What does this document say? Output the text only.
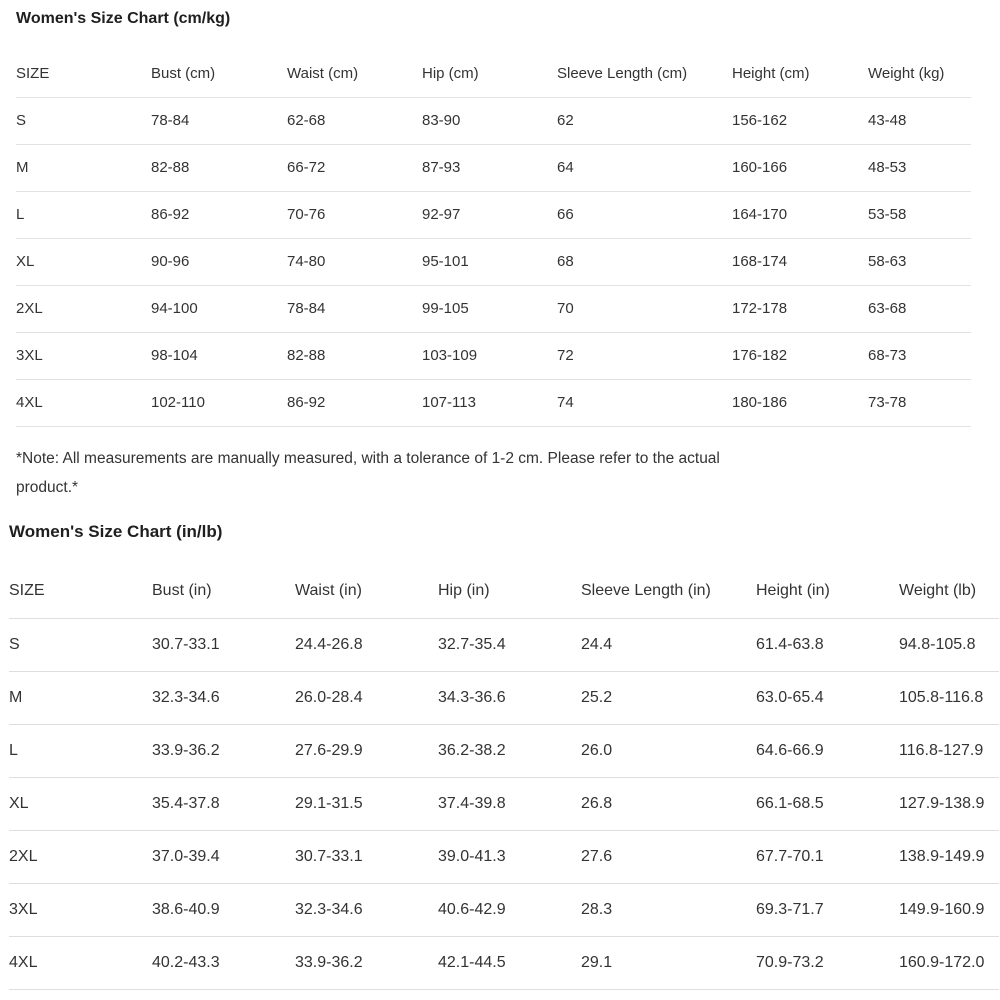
Women's Size Chart (cm/kg)
SIZE	Bust (cm)	Waist (cm)	Hip (cm)	Sleeve Length (cm)	Height (cm)	Weight (kg)
S	78-84	62-68	83-90	62	156-162	43-48
M	82-88	66-72	87-93	64	160-166	48-53
L	86-92	70-76	92-97	66	164-170	53-58
XL	90-96	74-80	95-101	68	168-174	58-63
2XL	94-100	78-84	99-105	70	172-178	63-68
3XL	98-104	82-88	103-109	72	176-182	68-73
4XL	102-110	86-92	107-113	74	180-186	73-78

*Note: All measurements are manually measured, with a tolerance of 1-2 cm. Please refer to the actual product.*

Women's Size Chart (in/lb)
SIZE	Bust (in)	Waist (in)	Hip (in)	Sleeve Length (in)	Height (in)	Weight (lb)
S	30.7-33.1	24.4-26.8	32.7-35.4	24.4	61.4-63.8	94.8-105.8
M	32.3-34.6	26.0-28.4	34.3-36.6	25.2	63.0-65.4	105.8-116.8
L	33.9-36.2	27.6-29.9	36.2-38.2	26.0	64.6-66.9	116.8-127.9
XL	35.4-37.8	29.1-31.5	37.4-39.8	26.8	66.1-68.5	127.9-138.9
2XL	37.0-39.4	30.7-33.1	39.0-41.3	27.6	67.7-70.1	138.9-149.9
3XL	38.6-40.9	32.3-34.6	40.6-42.9	28.3	69.3-71.7	149.9-160.9
4XL	40.2-43.3	33.9-36.2	42.1-44.5	29.1	70.9-73.2	160.9-172.0
